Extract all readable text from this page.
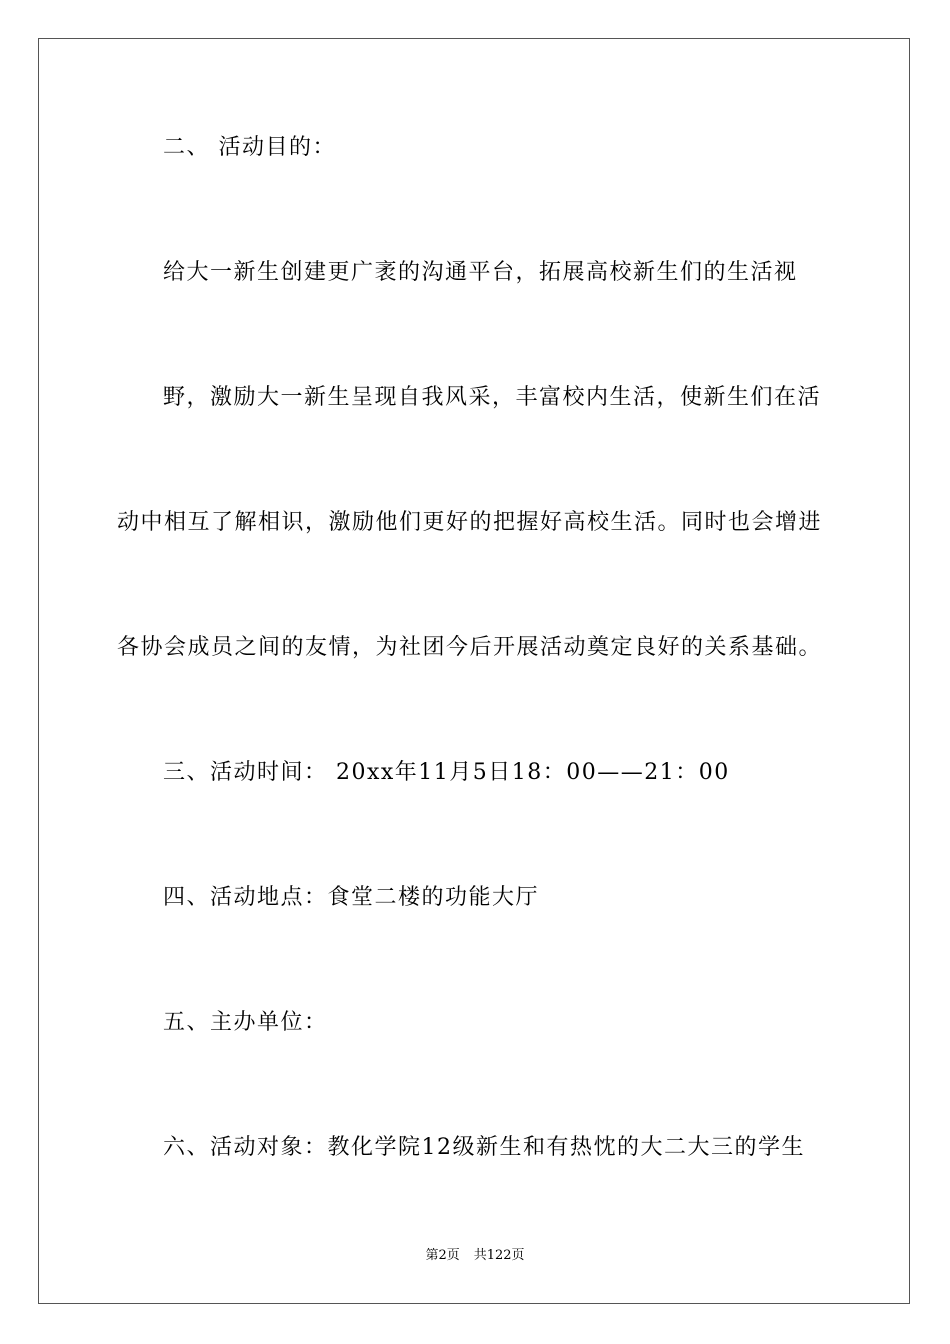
二、 活动目的：
给大一新生创建更广袤的沟通平台，拓展高校新生们的生活视
野，激励大一新生呈现自我风采，丰富校内生活，使新生们在活
动中相互了解相识，激励他们更好的把握好高校生活。同时也会增进
各协会成员之间的友情，为社团今后开展活动奠定良好的关系基础。
三、活动时间： 20xx年11月5日18：00——21：00
四、活动地点：食堂二楼的功能大厅
五、主办单位：
六、活动对象：教化学院12级新生和有热忱的大二大三的学生
第2页 共122页
